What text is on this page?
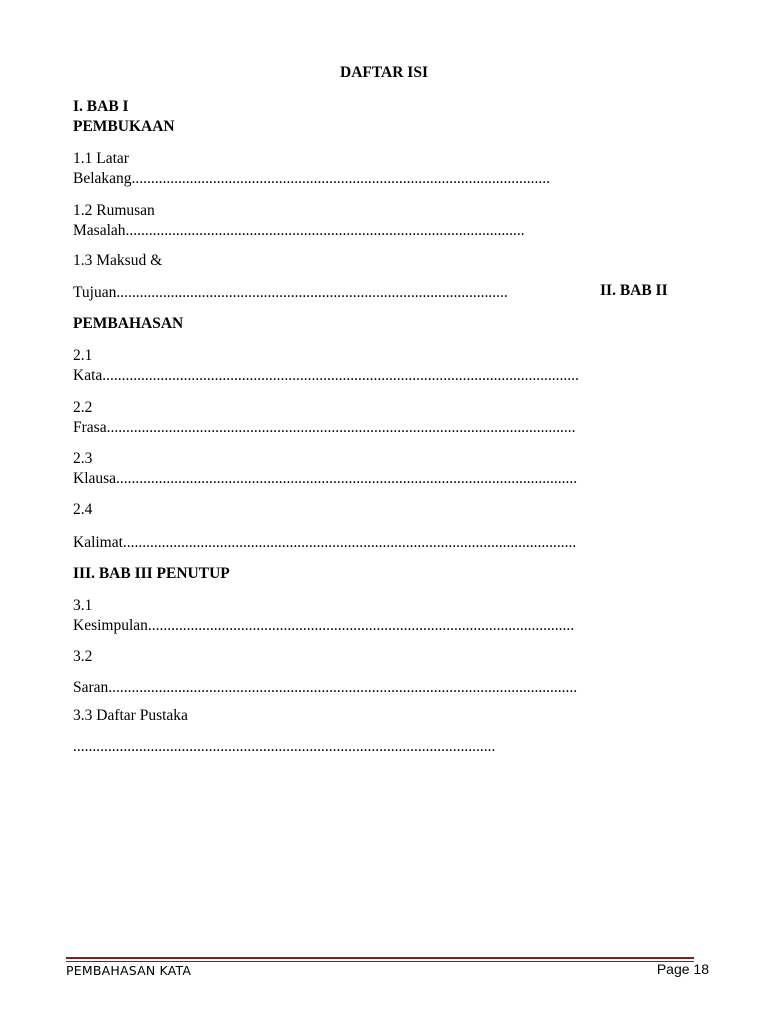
DAFTAR ISI
I. BAB I
PEMBUKAAN
1.1 Latar
Belakang............................................................................................................
1.2 Rumusan
Masalah.......................................................................................................
1.3 Maksud &
Tujuan.....................................................................................................	II. BAB II
PEMBAHASAN
2.1
Kata...........................................................................................................................
2.2
Frasa.........................................................................................................................
2.3
Klausa.......................................................................................................................
2.4
Kalimat.....................................................................................................................
III. BAB III PENUTUP
3.1
Kesimpulan..............................................................................................................
3.2
Saran.........................................................................................................................
3.3 Daftar Pustaka
.............................................................................................................
PEMBAHASAN KATA	Page 18
